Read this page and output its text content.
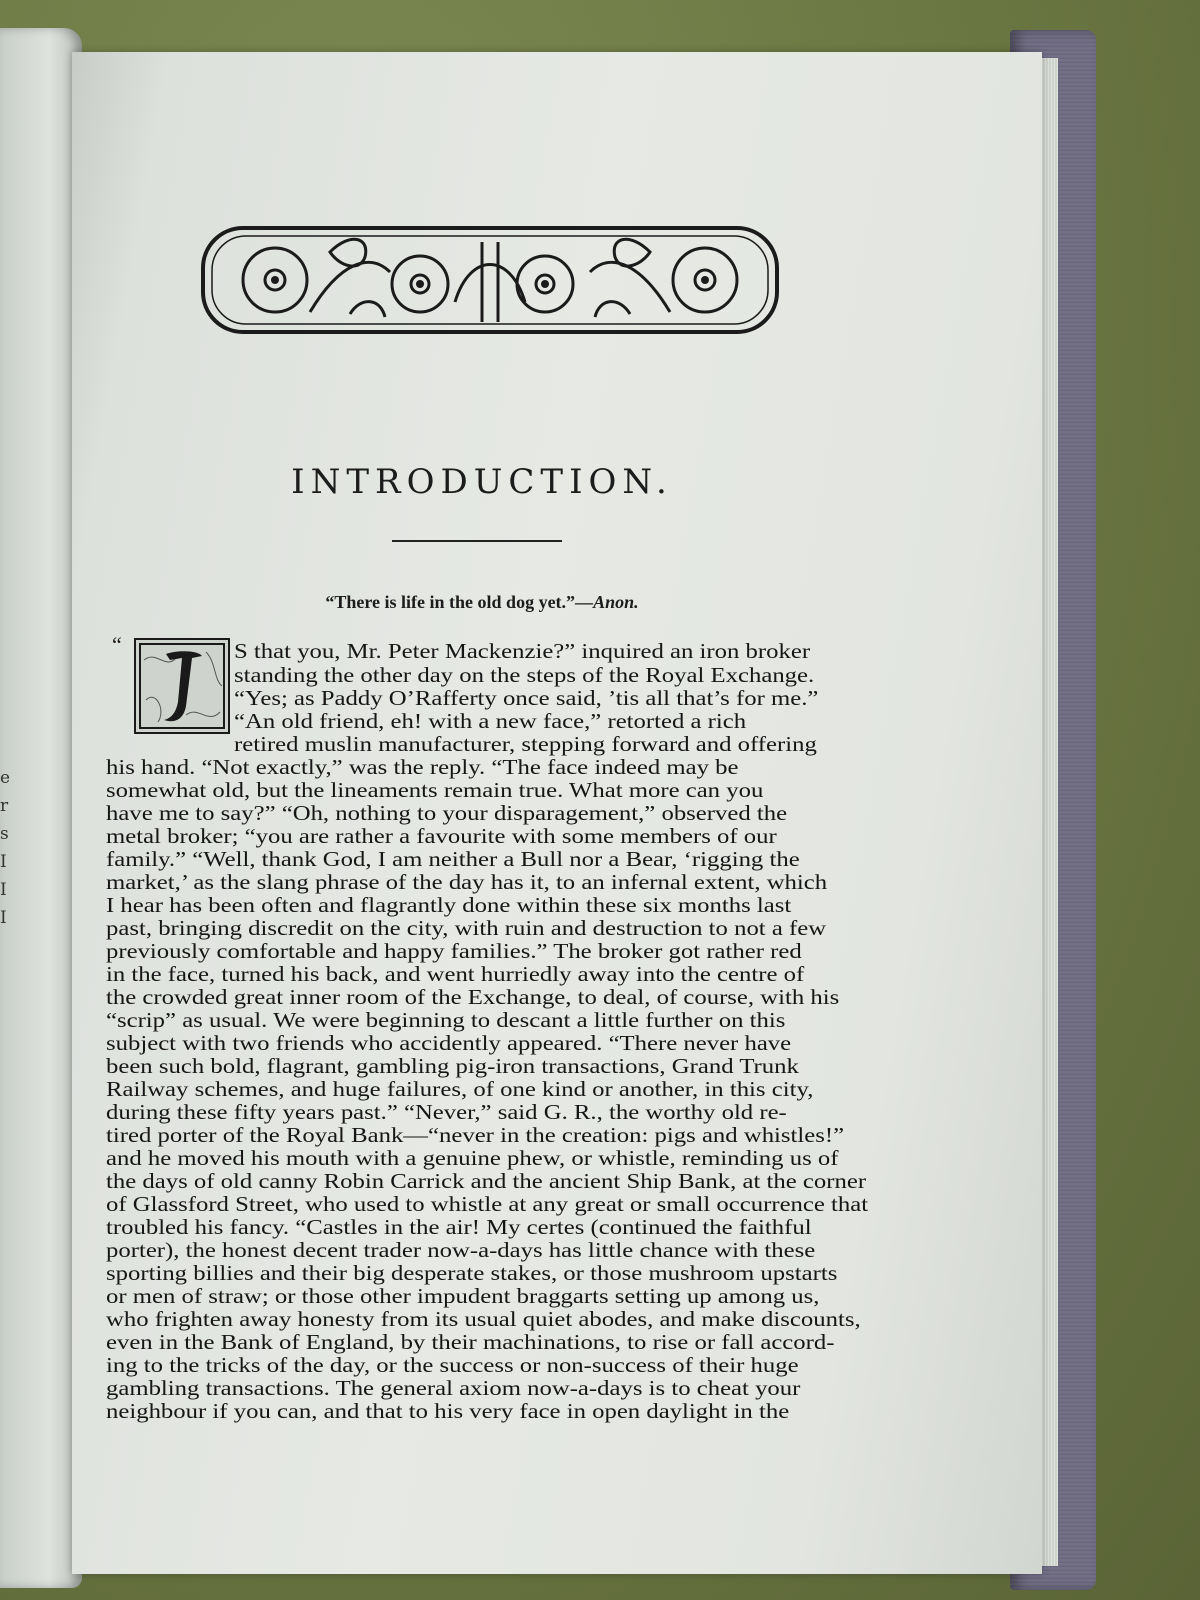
e
r
s
I
I
I
INTRODUCTION.
“There is life in the old dog yet.”—Anon.
“	S that you, Mr. Peter Mackenzie?” inquired an iron broker
standing the other day on the steps of the Royal Exchange.
“Yes; as Paddy O’Rafferty once said, ’tis all that’s for me.”
“An old friend, eh! with a new face,” retorted a rich
retired muslin manufacturer, stepping forward and offering
his hand. “Not exactly,” was the reply. “The face indeed may be
somewhat old, but the lineaments remain true. What more can you
have me to say?” “Oh, nothing to your disparagement,” observed the
metal broker; “you are rather a favourite with some members of our
family.” “Well, thank God, I am neither a Bull nor a Bear, ‘rigging the
market,’ as the slang phrase of the day has it, to an infernal extent, which
I hear has been often and flagrantly done within these six months last
past, bringing discredit on the city, with ruin and destruction to not a few
previously comfortable and happy families.” The broker got rather red
in the face, turned his back, and went hurriedly away into the centre of
the crowded great inner room of the Exchange, to deal, of course, with his
“scrip” as usual. We were beginning to descant a little further on this
subject with two friends who accidently appeared. “There never have
been such bold, flagrant, gambling pig-iron transactions, Grand Trunk
Railway schemes, and huge failures, of one kind or another, in this city,
during these fifty years past.” “Never,” said G. R., the worthy old re-
tired porter of the Royal Bank—“never in the creation: pigs and whistles!”
and he moved his mouth with a genuine phew, or whistle, reminding us of
the days of old canny Robin Carrick and the ancient Ship Bank, at the corner
of Glassford Street, who used to whistle at any great or small occurrence that
troubled his fancy. “Castles in the air! My certes (continued the faithful
porter), the honest decent trader now-a-days has little chance with these
sporting billies and their big desperate stakes, or those mushroom upstarts
or men of straw; or those other impudent braggarts setting up among us,
who frighten away honesty from its usual quiet abodes, and make discounts,
even in the Bank of England, by their machinations, to rise or fall accord-
ing to the tricks of the day, or the success or non-success of their huge
gambling transactions. The general axiom now-a-days is to cheat your
neighbour if you can, and that to his very face in open daylight in the
